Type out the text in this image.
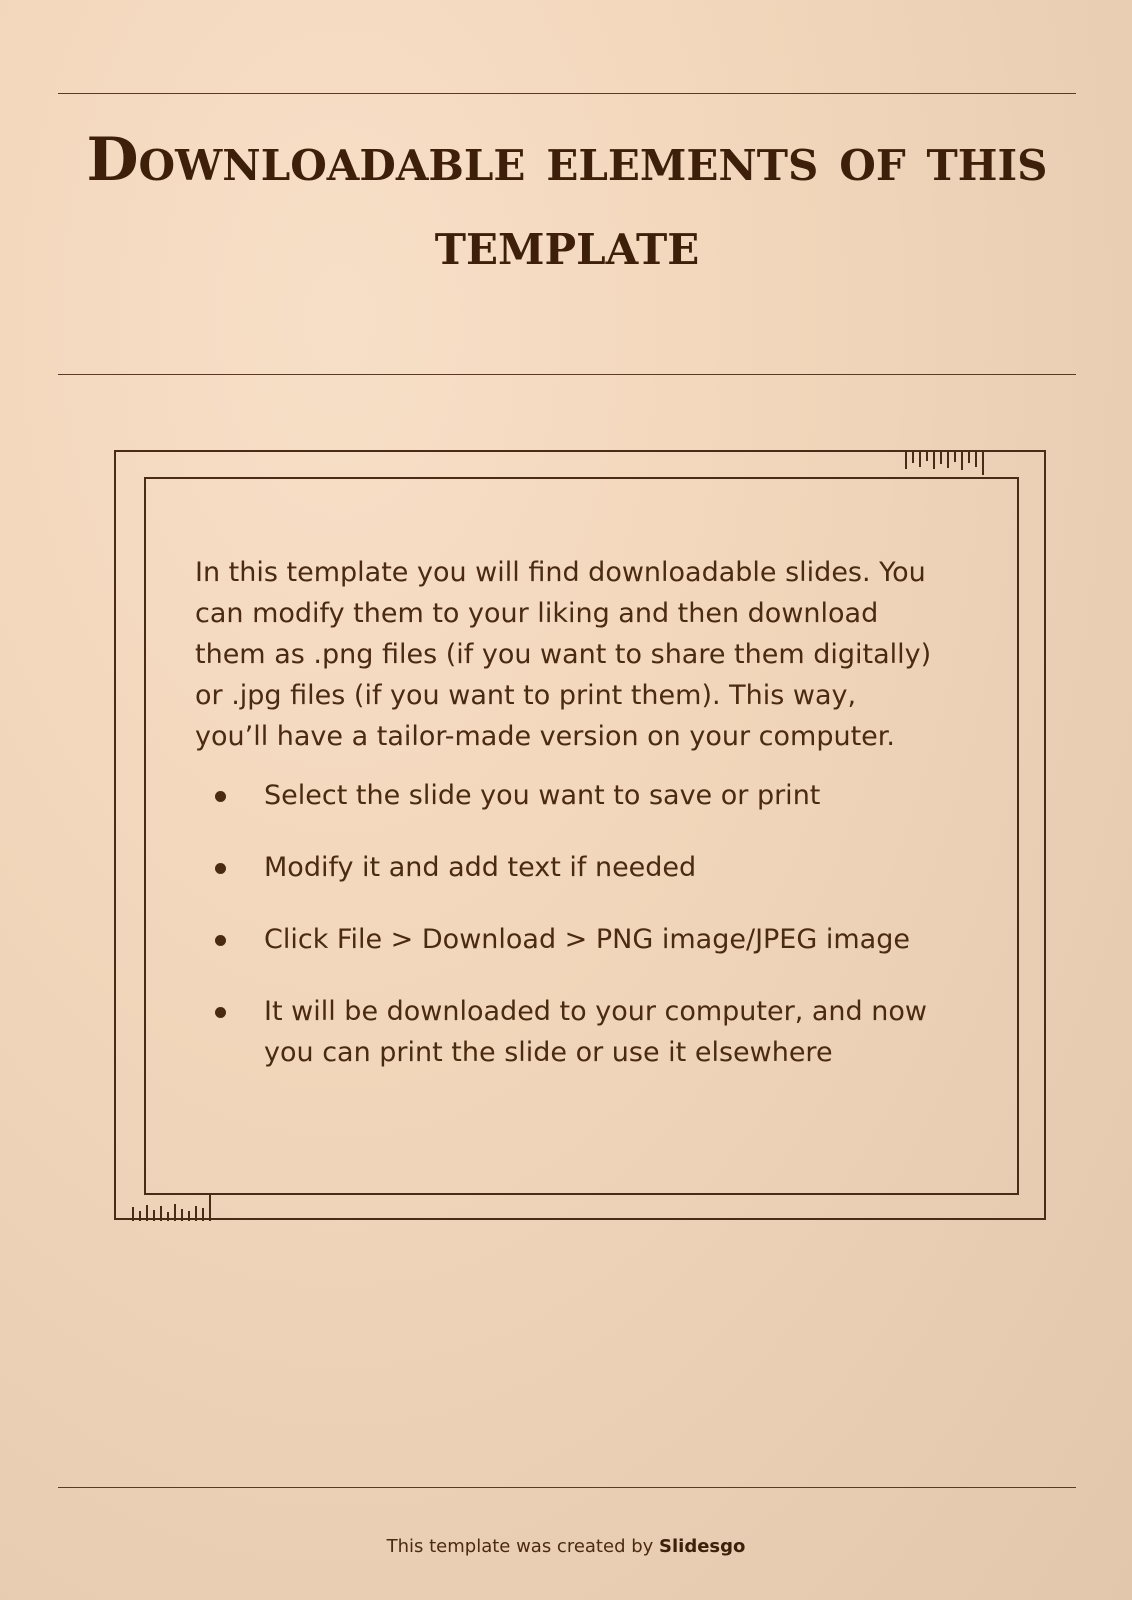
Downloadable elements of this template

In this template you will find downloadable slides. You can modify them to your liking and then download them as .png files (if you want to share them digitally) or .jpg files (if you want to print them). This way, you’ll have a tailor-made version on your computer.

Select the slide you want to save or print
Modify it and add text if needed
Click File > Download > PNG image/JPEG image
It will be downloaded to your computer, and now you can print the slide or use it elsewhere
This template was created by Slidesgo
